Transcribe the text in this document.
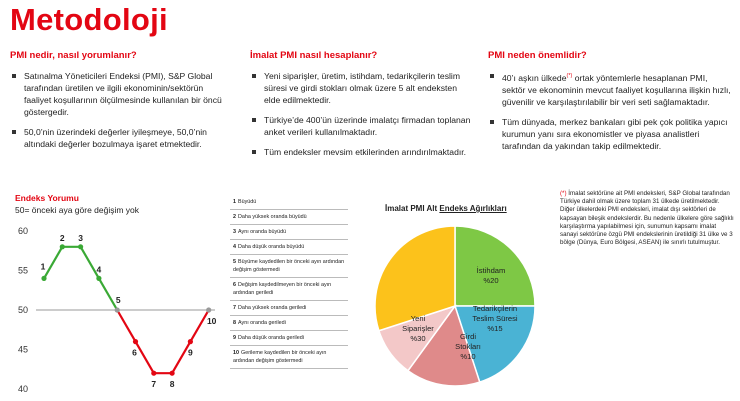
Metodoloji
PMI nedir, nasıl yorumlanır?
Satınalma Yöneticileri Endeksi (PMI), S&P Global tarafından üretilen ve ilgili ekonominin/sektörün faaliyet koşullarının ölçülmesinde kullanılan bir öncü göstergedir.
50,0’nin üzerindeki değerler iyileşmeye, 50,0’nin altındaki değerler bozulmaya işaret etmektedir.
İmalat PMI nasıl hesaplanır?
Yeni siparişler, üretim, istihdam, tedarikçilerin teslim süresi ve girdi stokları olmak üzere 5 alt endeksten elde edilmektedir.
Türkiye’de 400’ün üzerinde imalatçı firmadan toplanan anket verileri kullanılmaktadır.
Tüm endeksler mevsim etkilerinden arındırılmaktadır.
PMI neden önemlidir?
40’ı aşkın ülkede(*) ortak yöntemlerle hesaplanan PMI, sektör ve ekonominin mevcut faaliyet koşullarına ilişkin hızlı, güvenilir ve karşılaştırılabilir bir veri seti sağlamaktadır.
Tüm dünyada, merkez bankaları gibi pek çok politika yapıcı kurumun yanı sıra ekonomistler ve piyasa analistleri tarafından da yakından takip edilmektedir.
Endeks Yorumu
50= önceki aya göre değişim yok
40
45
50
55
60
1
2 3
4
5
6
7 8
9
10
1 Büyüdü
2 Daha yüksek oranda büyüdü
3 Aynı oranda büyüdü
4 Daha düşük oranda büyüdü
5 Büyüme kaydedilen bir önceki ayın ardından değişim göstermedi
6 Değişim kaydedilmeyen bir önceki ayın ardından geriledi
7 Daha yüksek oranda geriledi
8 Aynı oranda geriledi
9 Daha düşük oranda geriledi
10 Gerileme kaydedilen bir önceki ayın ardından değişim göstermedi
İmalat PMI Alt Endeks Ağırlıkları
İstihdam
%20
Tedarikçilerin
Teslim Süresi
%15
Girdi
Stokları
%10
Yeni
Siparişler
%30
(*) İmalat sektörüne ait PMI endeksleri, S&P Global tarafından Türkiye dahil olmak üzere toplam 31 ülkede üretilmektedir. Diğer ülkelerdeki PMI endeksleri, imalat dışı sektörleri de kapsayan bileşik endekslerdir. Bu nedenle ülkelere göre sağlıklı karşılaştırma yapılabilmesi için, sunumun kapsamı imalat sanayi sektörüne özgü PMI endekslerinin üretildiği 31 ülke ve 3 bölge (Dünya, Euro Bölgesi, ASEAN) ile sınırlı tutulmuştur.
